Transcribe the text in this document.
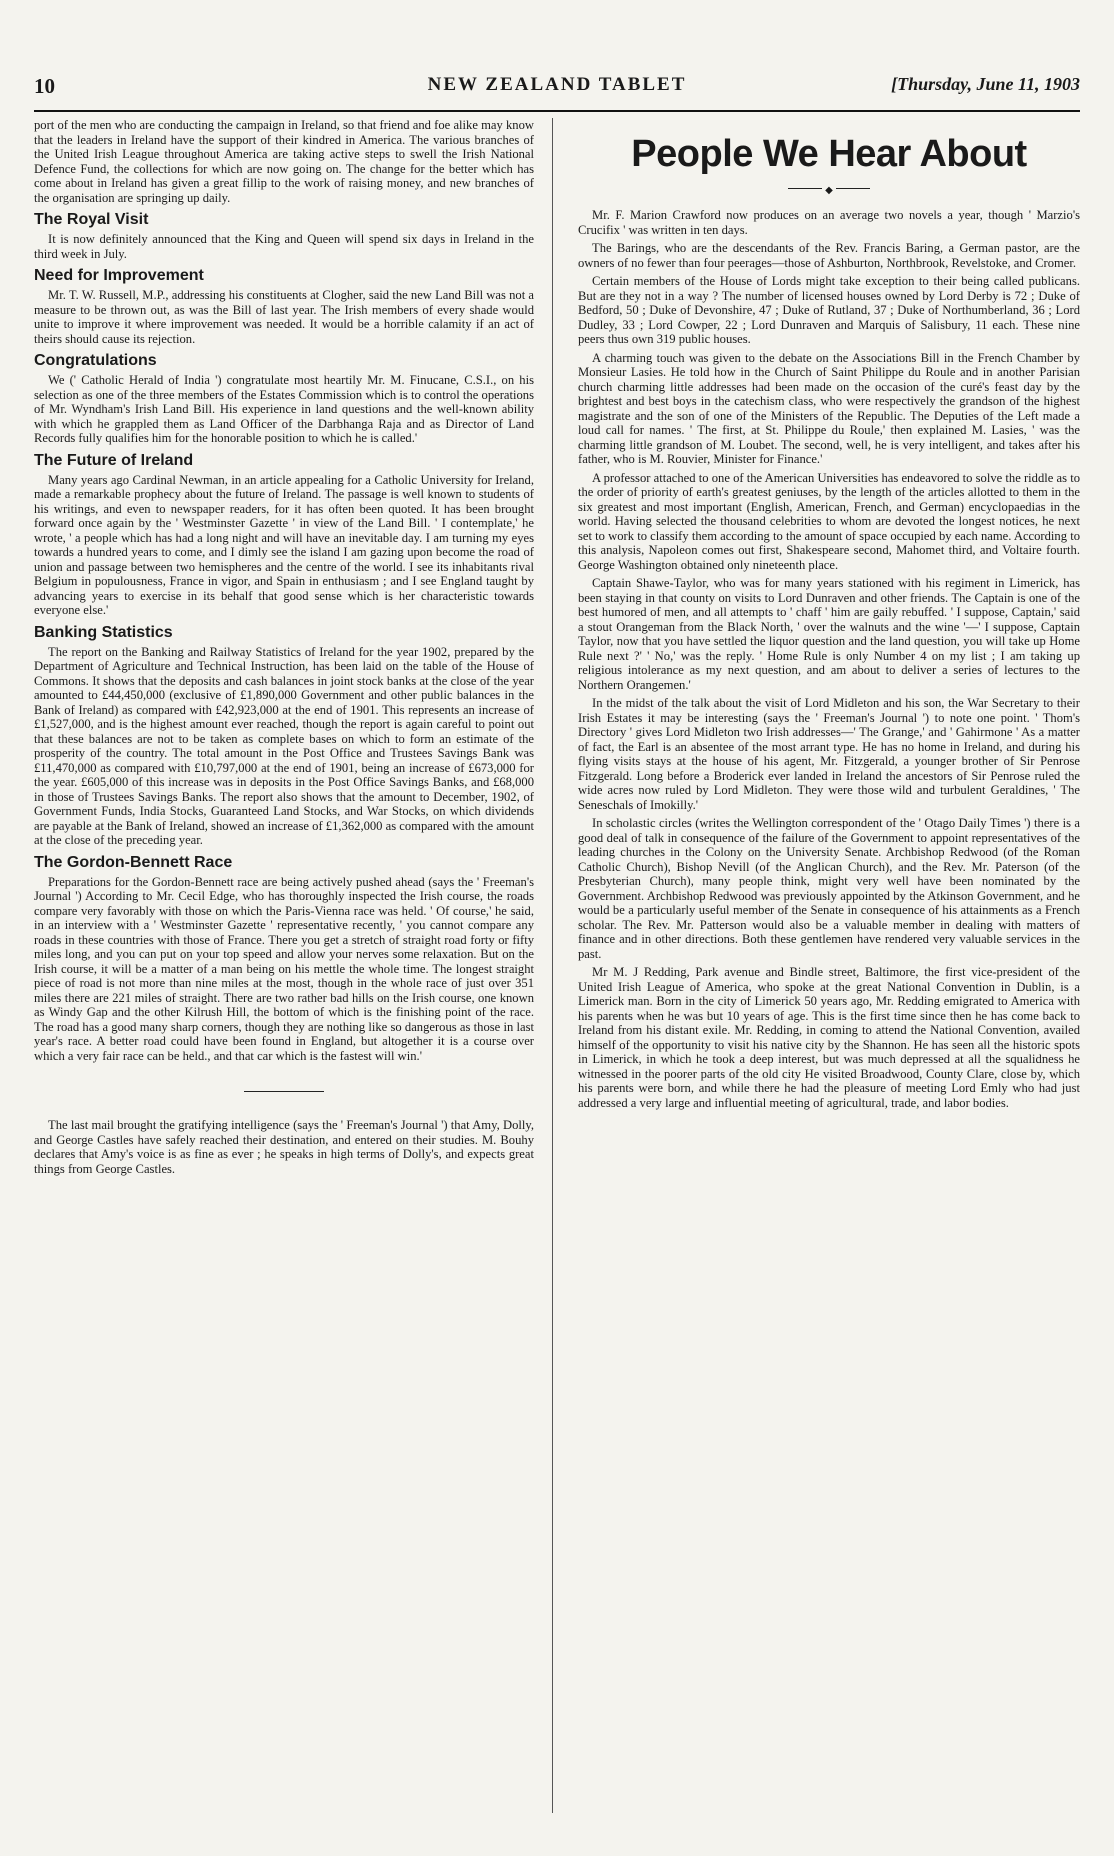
10	NEW ZEALAND TABLET	[Thursday, June 11, 1903

port of the men who are conducting the campaign in Ireland, so that friend and foe alike may know that the leaders in Ireland have the support of their kindred in America. The various branches of the United Irish League throughout America are taking active steps to swell the Irish National Defence Fund, the collections for which are now going on. The change for the better which has come about in Ireland has given a great fillip to the work of raising money, and new branches of the organisation are springing up daily.

The Royal Visit

It is now definitely announced that the King and Queen will spend six days in Ireland in the third week in July.

Need for Improvement

Mr. T. W. Russell, M.P., addressing his constituents at Clogher, said the new Land Bill was not a measure to be thrown out, as was the Bill of last year. The Irish members of every shade would unite to improve it where improvement was needed. It would be a horrible calamity if an act of theirs should cause its rejection.

Congratulations

We (' Catholic Herald of India ') congratulate most heartily Mr. M. Finucane, C.S.I., on his selection as one of the three members of the Estates Commission which is to control the operations of Mr. Wyndham's Irish Land Bill. His experience in land questions and the well-known ability with which he grappled them as Land Officer of the Darbhanga Raja and as Director of Land Records fully qualifies him for the honorable position to which he is called.'

The Future of Ireland

Many years ago Cardinal Newman, in an article appealing for a Catholic University for Ireland, made a remarkable prophecy about the future of Ireland. The passage is well known to students of his writings, and even to newspaper readers, for it has often been quoted. It has been brought forward once again by the ' Westminster Gazette ' in view of the Land Bill. ' I contemplate,' he wrote, ' a people which has had a long night and will have an inevitable day. I am turning my eyes towards a hundred years to come, and I dimly see the island I am gazing upon become the road of union and passage between two hemispheres and the centre of the world. I see its inhabitants rival Belgium in populousness, France in vigor, and Spain in enthusiasm ; and I see England taught by advancing years to exercise in its behalf that good sense which is her characteristic towards everyone else.'

Banking Statistics

The report on the Banking and Railway Statistics of Ireland for the year 1902, prepared by the Department of Agriculture and Technical Instruction, has been laid on the table of the House of Commons. It shows that the deposits and cash balances in joint stock banks at the close of the year amounted to £44,450,000 (exclusive of £1,890,000 Government and other public balances in the Bank of Ireland) as compared with £42,923,000 at the end of 1901. This represents an increase of £1,527,000, and is the highest amount ever reached, though the report is again careful to point out that these balances are not to be taken as complete bases on which to form an estimate of the prosperity of the country. The total amount in the Post Office and Trustees Savings Bank was £11,470,000 as compared with £10,797,000 at the end of 1901, being an increase of £673,000 for the year. £605,000 of this increase was in deposits in the Post Office Savings Banks, and £68,000 in those of Trustees Savings Banks. The report also shows that the amount to December, 1902, of Government Funds, India Stocks, Guaranteed Land Stocks, and War Stocks, on which dividends are payable at the Bank of Ireland, showed an increase of £1,362,000 as compared with the amount at the close of the preceding year.

The Gordon-Bennett Race

Preparations for the Gordon-Bennett race are being actively pushed ahead (says the ' Freeman's Journal ') According to Mr. Cecil Edge, who has thoroughly inspected the Irish course, the roads compare very favorably with those on which the Paris-Vienna race was held. ' Of course,' he said, in an interview with a ' Westminster Gazette ' representative recently, ' you cannot compare any roads in these countries with those of France. There you get a stretch of straight road forty or fifty miles long, and you can put on your top speed and allow your nerves some relaxation. But on the Irish course, it will be a matter of a man being on his mettle the whole time. The longest straight piece of road is not more than nine miles at the most, though in the whole race of just over 351 miles there are 221 miles of straight. There are two rather bad hills on the Irish course, one known as Windy Gap and the other Kilrush Hill, the bottom of which is the finishing point of the race. The road has a good many sharp corners, though they are nothing like so dangerous as those in last year's race. A better road could have been found in England, but altogether it is a course over which a very fair race can be held., and that car which is the fastest will win.'

The last mail brought the gratifying intelligence (says the ' Freeman's Journal ') that Amy, Dolly, and George Castles have safely reached their destination, and entered on their studies. M. Bouhy declares that Amy's voice is as fine as ever ; he speaks in high terms of Dolly's, and expects great things from George Castles.

People We Hear About
◆

Mr. F. Marion Crawford now produces on an average two novels a year, though ' Marzio's Crucifix ' was written in ten days.

The Barings, who are the descendants of the Rev. Francis Baring, a German pastor, are the owners of no fewer than four peerages—those of Ashburton, Northbrook, Revelstoke, and Cromer.

Certain members of the House of Lords might take exception to their being called publicans. But are they not in a way ? The number of licensed houses owned by Lord Derby is 72 ; Duke of Bedford, 50 ; Duke of Devonshire, 47 ; Duke of Rutland, 37 ; Duke of Northumberland, 36 ; Lord Dudley, 33 ; Lord Cowper, 22 ; Lord Dunraven and Marquis of Salisbury, 11 each. These nine peers thus own 319 public houses.

A charming touch was given to the debate on the Associations Bill in the French Chamber by Monsieur Lasies. He told how in the Church of Saint Philippe du Roule and in another Parisian church charming little addresses had been made on the occasion of the curé's feast day by the brightest and best boys in the catechism class, who were respectively the grandson of the highest magistrate and the son of one of the Ministers of the Republic. The Deputies of the Left made a loud call for names. ' The first, at St. Philippe du Roule,' then explained M. Lasies, ' was the charming little grandson of M. Loubet. The second, well, he is very intelligent, and takes after his father, who is M. Rouvier, Minister for Finance.'

A professor attached to one of the American Universities has endeavored to solve the riddle as to the order of priority of earth's greatest geniuses, by the length of the articles allotted to them in the six greatest and most important (English, American, French, and German) encyclopaedias in the world. Having selected the thousand celebrities to whom are devoted the longest notices, he next set to work to classify them according to the amount of space occupied by each name. According to this analysis, Napoleon comes out first, Shakespeare second, Mahomet third, and Voltaire fourth. George Washington obtained only nineteenth place.

Captain Shawe-Taylor, who was for many years stationed with his regiment in Limerick, has been staying in that county on visits to Lord Dunraven and other friends. The Captain is one of the best humored of men, and all attempts to ' chaff ' him are gaily rebuffed. ' I suppose, Captain,' said a stout Orangeman from the Black North, ' over the walnuts and the wine '—' I suppose, Captain Taylor, now that you have settled the liquor question and the land question, you will take up Home Rule next ?' ' No,' was the reply. ' Home Rule is only Number 4 on my list ; I am taking up religious intolerance as my next question, and am about to deliver a series of lectures to the Northern Orangemen.'

In the midst of the talk about the visit of Lord Midleton and his son, the War Secretary to their Irish Estates it may be interesting (says the ' Freeman's Journal ') to note one point. ' Thom's Directory ' gives Lord Midleton two Irish addresses—' The Grange,' and ' Gahirmone ' As a matter of fact, the Earl is an absentee of the most arrant type. He has no home in Ireland, and during his flying visits stays at the house of his agent, Mr. Fitzgerald, a younger brother of Sir Penrose Fitzgerald. Long before a Broderick ever landed in Ireland the ancestors of Sir Penrose ruled the wide acres now ruled by Lord Midleton. They were those wild and turbulent Geraldines, ' The Seneschals of Imokilly.'

In scholastic circles (writes the Wellington correspondent of the ' Otago Daily Times ') there is a good deal of talk in consequence of the failure of the Government to appoint representatives of the leading churches in the Colony on the University Senate. Archbishop Redwood (of the Roman Catholic Church), Bishop Nevill (of the Anglican Church), and the Rev. Mr. Paterson (of the Presbyterian Church), many people think, might very well have been nominated by the Government. Archbishop Redwood was previously appointed by the Atkinson Government, and he would be a particularly useful member of the Senate in consequence of his attainments as a French scholar. The Rev. Mr. Patterson would also be a valuable member in dealing with matters of finance and in other directions. Both these gentlemen have rendered very valuable services in the past.

Mr M. J Redding, Park avenue and Bindle street, Baltimore, the first vice-president of the United Irish League of America, who spoke at the great National Convention in Dublin, is a Limerick man. Born in the city of Limerick 50 years ago, Mr. Redding emigrated to America with his parents when he was but 10 years of age. This is the first time since then he has come back to Ireland from his distant exile. Mr. Redding, in coming to attend the National Convention, availed himself of the opportunity to visit his native city by the Shannon. He has seen all the historic spots in Limerick, in which he took a deep interest, but was much depressed at all the squalidness he witnessed in the poorer parts of the old city He visited Broadwood, County Clare, close by, which his parents were born, and while there he had the pleasure of meeting Lord Emly who had just addressed a very large and influential meeting of agricultural, trade, and labor bodies.
